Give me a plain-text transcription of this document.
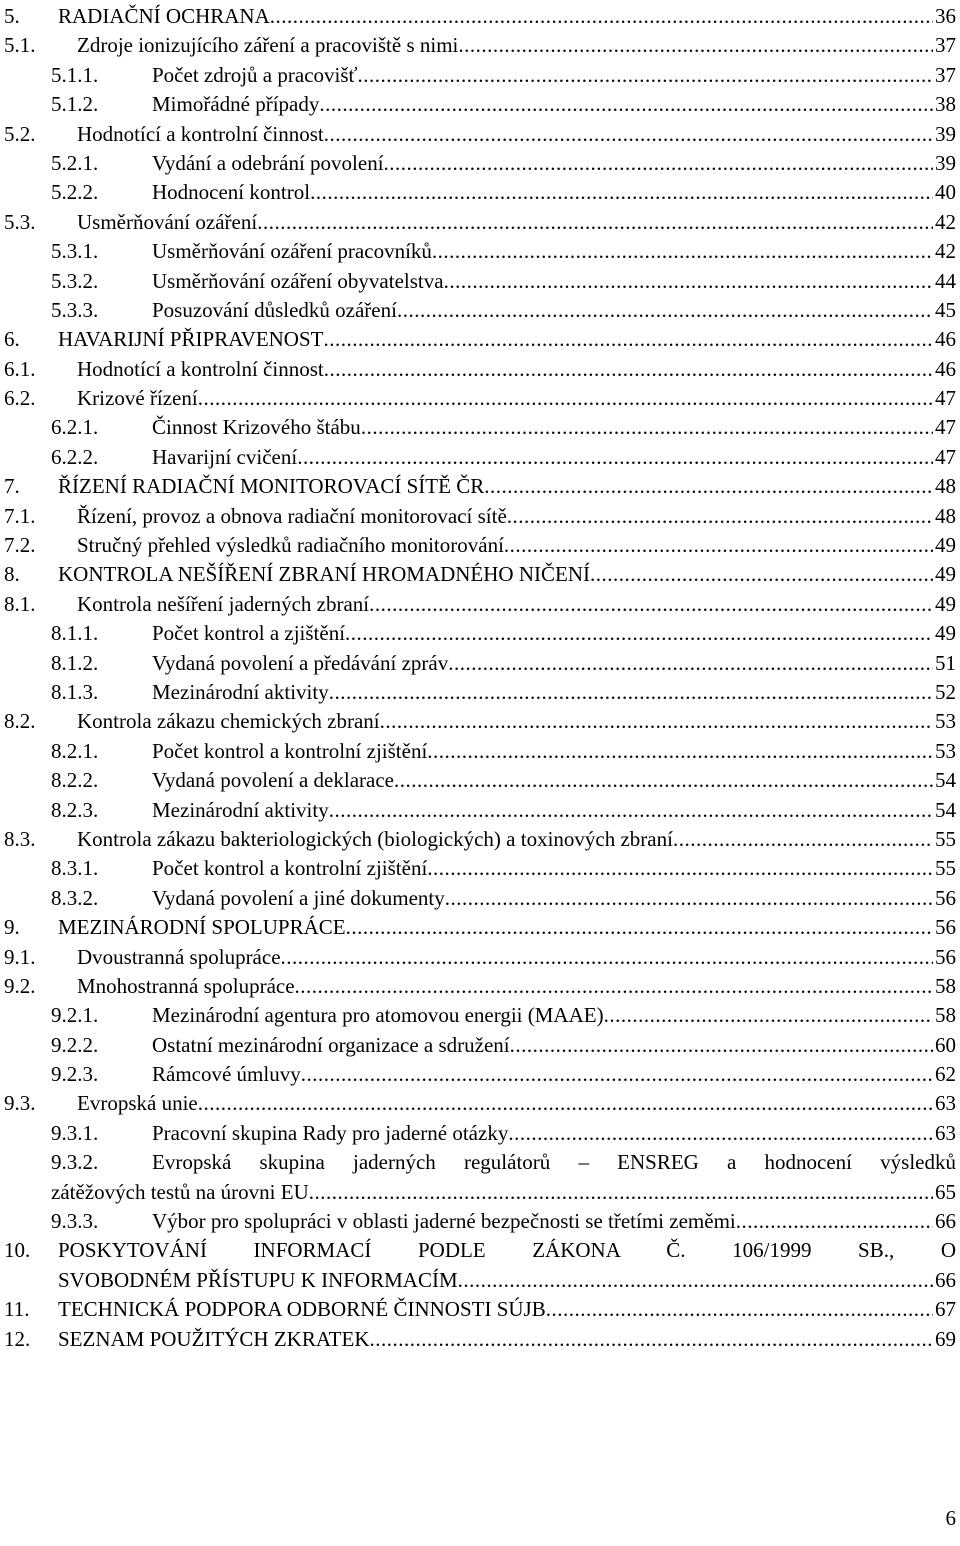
5. RADIAČNÍ OCHRANA .....	36
5.1. Zdroje ionizujícího záření a pracoviště s nimi .....	37
5.1.1.	Počet zdrojů a pracovišť .....	37
5.1.2.	Mimořádné případy .....	38
5.2. Hodnotící a kontrolní činnost .....	39
5.2.1.	Vydání a odebrání povolení .....	39
5.2.2.	Hodnocení kontrol .....	40
5.3. Usměrňování ozáření .....	42
5.3.1.	Usměrňování ozáření pracovníků .....	42
5.3.2.	Usměrňování ozáření obyvatelstva .....	44
5.3.3.	Posuzování důsledků ozáření .....	45
6. HAVARIJNÍ PŘIPRAVENOST .....	46
6.1. Hodnotící a kontrolní činnost .....	46
6.2. Krizové řízení .....	47
6.2.1.	Činnost Krizového štábu .....	47
6.2.2.	Havarijní cvičení .....	47
7. ŘÍZENÍ RADIAČNÍ MONITOROVACÍ SÍTĚ ČR .....	48
7.1. Řízení, provoz a obnova radiační monitorovací sítě .....	48
7.2. Stručný přehled výsledků radiačního monitorování .....	49
8. KONTROLA NEŠÍŘENÍ ZBRANÍ HROMADNÉHO NIČENÍ .....	49
8.1. Kontrola nešíření jaderných zbraní .....	49
8.1.1.	Počet kontrol a zjištění .....	49
8.1.2.	Vydaná povolení a předávání zpráv .....	51
8.1.3.	Mezinárodní aktivity .....	52
8.2. Kontrola zákazu chemických zbraní .....	53
8.2.1.	Počet kontrol a kontrolní zjištění .....	53
8.2.2.	Vydaná povolení a deklarace .....	54
8.2.3.	Mezinárodní aktivity .....	54
8.3. Kontrola zákazu bakteriologických (biologických) a toxinových zbraní .....	55
8.3.1.	Počet kontrol a kontrolní zjištění .....	55
8.3.2.	Vydaná povolení a jiné dokumenty .....	56
9. MEZINÁRODNÍ SPOLUPRÁCE .....	56
9.1. Dvoustranná spolupráce .....	56
9.2. Mnohostranná spolupráce .....	58
9.2.1.	Mezinárodní agentura pro atomovou energii (MAAE) .....	58
9.2.2.	Ostatní mezinárodní organizace a sdružení .....	60
9.2.3.	Rámcové úmluvy .....	62
9.3. Evropská unie .....	63
9.3.1.	Pracovní skupina Rady pro jaderné otázky .....	63
9.3.2.	Evropská skupina jaderných regulátorů – ENSREG a hodnocení výsledků
zátěžových testů na úrovni EU .....	65
9.3.3.	Výbor pro spolupráci v oblasti jaderné bezpečnosti se třetími zeměmi .....	66
10. POSKYTOVÁNÍ INFORMACÍ PODLE ZÁKONA Č. 106/1999 SB., O
SVOBODNÉM PŘÍSTUPU K INFORMACÍM .....	66
11. TECHNICKÁ PODPORA ODBORNÉ ČINNOSTI SÚJB .....	67
12. SEZNAM POUŽITÝCH ZKRATEK .....	69
6
